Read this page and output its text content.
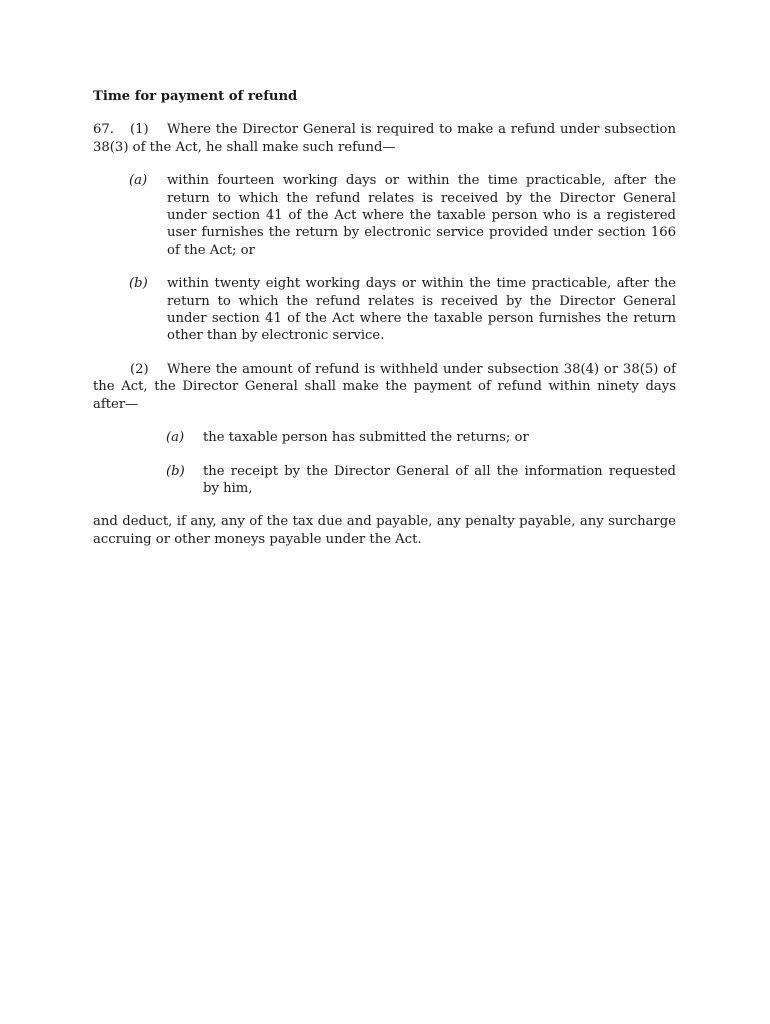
Time for payment of refund

67. (1) Where the Director General is required to make a refund under subsection 38(3) of the Act, he shall make such refund—

(a)	within fourteen working days or within the time practicable, after the return to which the refund relates is received by the Director General under section 41 of the Act where the taxable person who is a registered user furnishes the return by electronic service provided under section 166 of the Act; or
(b)	within twenty eight working days or within the time practicable, after the return to which the refund relates is received by the Director General under section 41 of the Act where the taxable person furnishes the return other than by electronic service.

(2) Where the amount of refund is withheld under subsection 38(4) or 38(5) of the Act, the Director General shall make the payment of refund within ninety days after—

(a)	the taxable person has submitted the returns; or
(b)	the receipt by the Director General of all the information requested by him,

and deduct, if any, any of the tax due and payable, any penalty payable, any surcharge accruing or other moneys payable under the Act.
